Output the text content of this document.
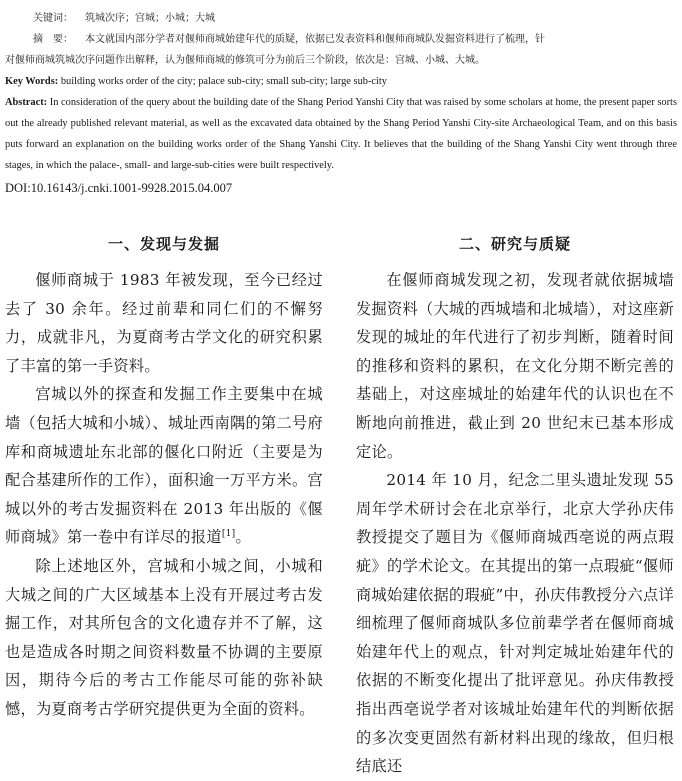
关键词： 筑城次序；宫城；小城；大城

摘　要： 本文就国内部分学者对偃师商城始建年代的质疑，依据已发表资料和偃师商城队发掘资料进行了梳理，针

对偃师商城筑城次序问题作出解释，认为偃师商城的修筑可分为前后三个阶段，依次是：宫城、小城、大城。

Key Words: building works order of the city; palace sub-city; small sub-city; large sub-city

Abstract: In consideration of the query about the building date of the Shang Period Yanshi City that was raised by some scholars at home, the present paper sorts out the already published relevant material, as well as the excavated data obtained by the Shang Period Yanshi City-site Archaeological Team, and on this basis puts forward an explanation on the building works order of the Shang Yanshi City. It believes that the building of the Shang Yanshi City went through three stages, in which the palace-, small- and large-sub-cities were built respectively.

DOI:10.16143/j.cnki.1001-9928.2015.04.007

一、发现与发掘

偃师商城于 1983 年被发现，至今已经过去了 30 余年。经过前辈和同仁们的不懈努力，成就非凡，为夏商考古学文化的研究积累了丰富的第一手资料。

宫城以外的探查和发掘工作主要集中在城墙（包括大城和小城）、城址西南隅的第二号府库和商城遗址东北部的偃化口附近（主要是为配合基建所作的工作），面积逾一万平方米。宫城以外的考古发掘资料在 2013 年出版的《偃师商城》第一卷中有详尽的报道[1]。

除上述地区外，宫城和小城之间，小城和大城之间的广大区域基本上没有开展过考古发掘工作，对其所包含的文化遗存并不了解，这也是造成各时期之间资料数量不协调的主要原因，期待今后的考古工作能尽可能的弥补缺憾，为夏商考古学研究提供更为全面的资料。

二、研究与质疑

在偃师商城发现之初，发现者就依据城墙发掘资料（大城的西城墙和北城墙），对这座新发现的城址的年代进行了初步判断，随着时间的推移和资料的累积，在文化分期不断完善的基础上，对这座城址的始建年代的认识也在不断地向前推进，截止到 20 世纪末已基本形成定论。

2014 年 10 月，纪念二里头遗址发现 55 周年学术研讨会在北京举行，北京大学孙庆伟教授提交了题目为《偃师商城西亳说的两点瑕疵》的学术论文。在其提出的第一点瑕疵“偃师商城始建依据的瑕疵”中，孙庆伟教授分六点详细梳理了偃师商城队多位前辈学者在偃师商城始建年代上的观点，针对判定城址始建年代的依据的不断变化提出了批评意见。孙庆伟教授指出西亳说学者对该城址始建年代的判断依据的多次变更固然有新材料出现的缘故，但归根结底还
